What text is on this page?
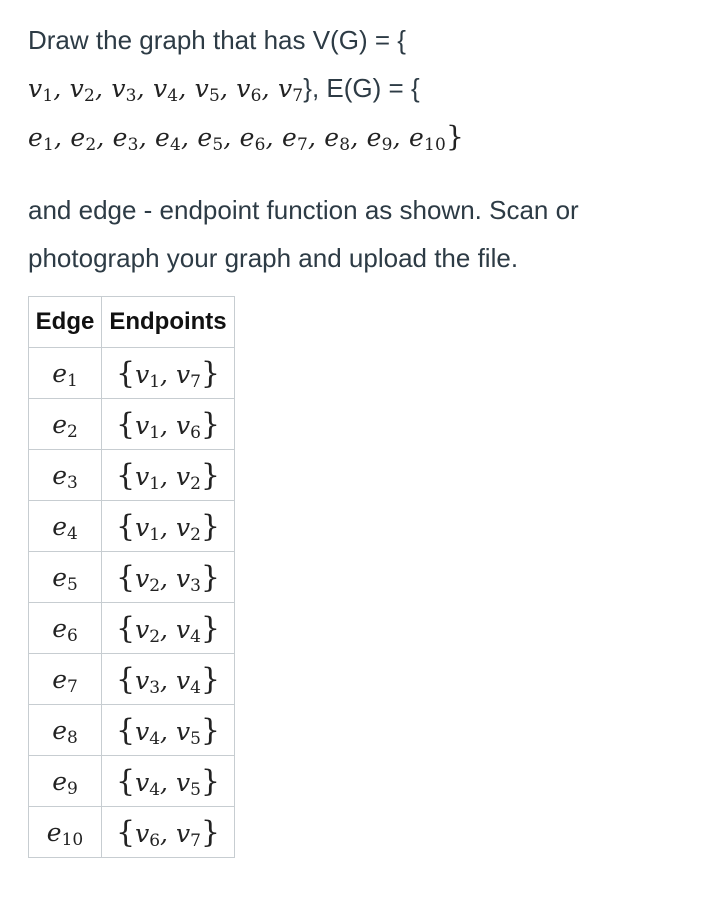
Draw the graph that has V(G) = {
$v_1$, $v_2$, $v_3$, $v_4$, $v_5$, $v_6$, $v_7$}, E(G) = {
$e_1$, $e_2$, $e_3$, $e_4$, $e_5$, $e_6$, $e_7$, $e_8$, $e_9$, $e_{10}$}
and edge - endpoint function as shown. Scan or
photograph your graph and upload the file.
Edge	Endpoints
$e_1$	{$v_1$, $v_7$}
$e_2$	{$v_1$, $v_6$}
$e_3$	{$v_1$, $v_2$}
$e_4$	{$v_1$, $v_2$}
$e_5$	{$v_2$, $v_3$}
$e_6$	{$v_2$, $v_4$}
$e_7$	{$v_3$, $v_4$}
$e_8$	{$v_4$, $v_5$}
$e_9$	{$v_4$, $v_5$}
$e_{10}$	{$v_6$, $v_7$}
